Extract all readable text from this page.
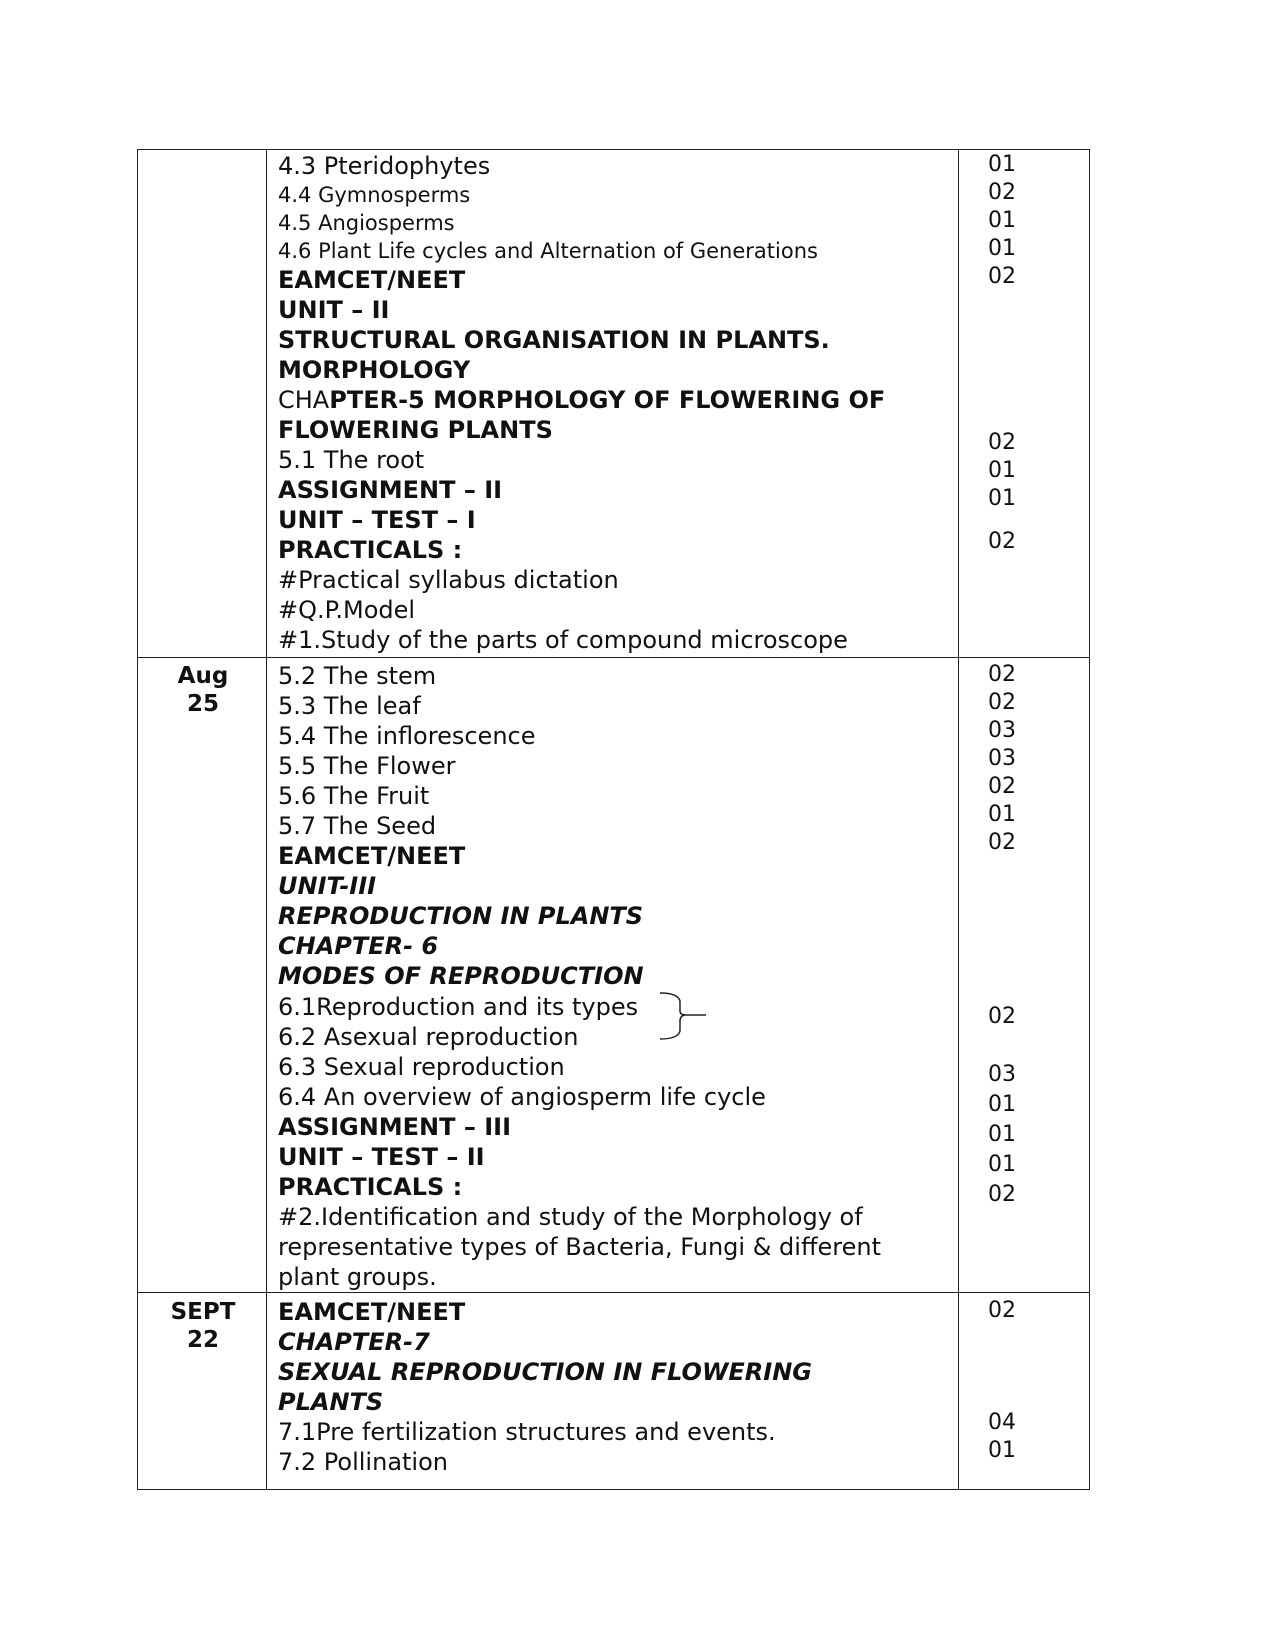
4.3 Pteridophytes
4.4 Gymnosperms
4.5 Angiosperms
4.6 Plant Life cycles and Alternation of Generations
EAMCET/NEET
UNIT – II
STRUCTURAL ORGANISATION IN PLANTS.
MORPHOLOGY
CHAPTER-5 MORPHOLOGY OF FLOWERING OF
FLOWERING PLANTS
5.1 The root
ASSIGNMENT – II
UNIT – TEST – I
PRACTICALS :
#Practical syllabus dictation
#Q.P.Model
#1.Study of the parts of compound microscope
01
02
01
01
02
02
01
01
02
Aug
25
5.2 The stem
5.3 The leaf
5.4 The inflorescence
5.5 The Flower
5.6 The Fruit
5.7 The Seed
EAMCET/NEET
UNIT-III
REPRODUCTION IN PLANTS
CHAPTER- 6
MODES OF REPRODUCTION
6.1Reproduction and its types
6.2 Asexual reproduction
6.3 Sexual reproduction
6.4 An overview of angiosperm life cycle
ASSIGNMENT – III
UNIT – TEST – II
PRACTICALS :
#2.Identification and study of the Morphology of
representative types of Bacteria, Fungi & different
plant groups.
02
02
03
03
02
01
02
02
03
01
01
01
02
SEPT
22
EAMCET/NEET
CHAPTER-7
SEXUAL REPRODUCTION IN FLOWERING
PLANTS
7.1Pre fertilization structures and events.
7.2 Pollination
02
04
01
